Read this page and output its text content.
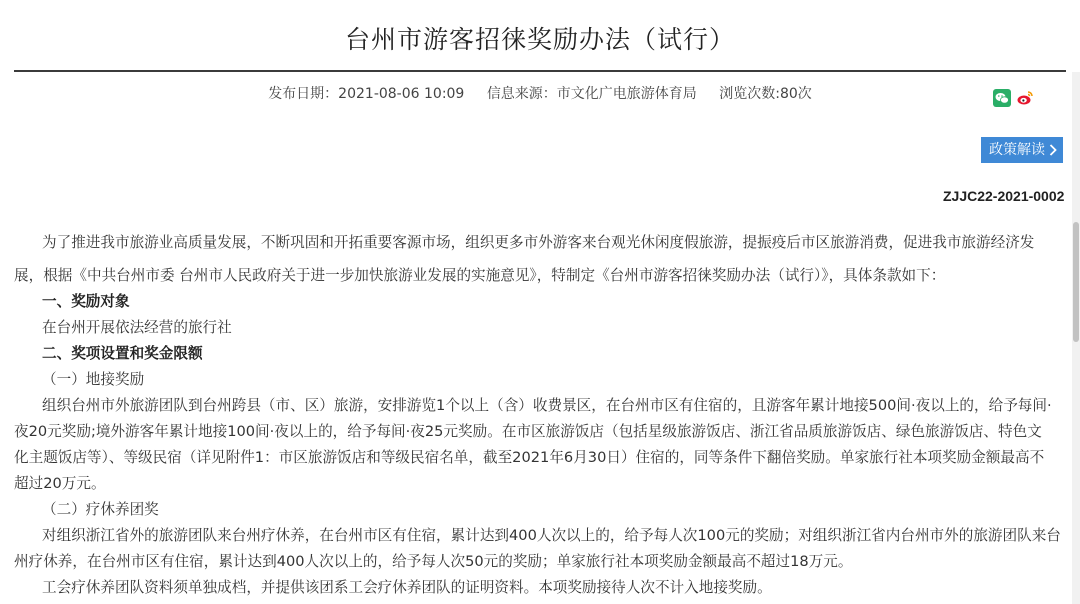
台州市游客招徕奖励办法（试行）
发布日期：2021-08-06 10:09 信息来源：市文化广电旅游体育局 浏览次数:80次
政策解读
ZJJC22-2021-0002
为了推进我市旅游业高质量发展，不断巩固和开拓重要客源市场，组织更多市外游客来台观光休闲度假旅游，提振疫后市区旅游消费，促进我市旅游经济发
展，根据《中共台州市委 台州市人民政府关于进一步加快旅游业发展的实施意见》，特制定《台州市游客招徕奖励办法（试行）》，具体条款如下：
一、奖励对象
在台州开展依法经营的旅行社
二、奖项设置和奖金限额
（一）地接奖励
组织台州市外旅游团队到台州跨县（市、区）旅游，安排游览1个以上（含）收费景区，在台州市区有住宿的，且游客年累计地接500间·夜以上的，给予每间·
夜20元奖励;境外游客年累计地接100间·夜以上的，给予每间·夜25元奖励。在市区旅游饭店（包括星级旅游饭店、浙江省品质旅游饭店、绿色旅游饭店、特色文
化主题饭店等）、等级民宿（详见附件1：市区旅游饭店和等级民宿名单，截至2021年6月30日）住宿的，同等条件下翻倍奖励。单家旅行社本项奖励金额最高不
超过20万元。
（二）疗休养团奖
对组织浙江省外的旅游团队来台州疗休养，在台州市区有住宿，累计达到400人次以上的，给予每人次100元的奖励；对组织浙江省内台州市外的旅游团队来台
州疗休养，在台州市区有住宿，累计达到400人次以上的，给予每人次50元的奖励；单家旅行社本项奖励金额最高不超过18万元。
工会疗休养团队资料须单独成档，并提供该团系工会疗休养团队的证明资料。本项奖励接待人次不计入地接奖励。
